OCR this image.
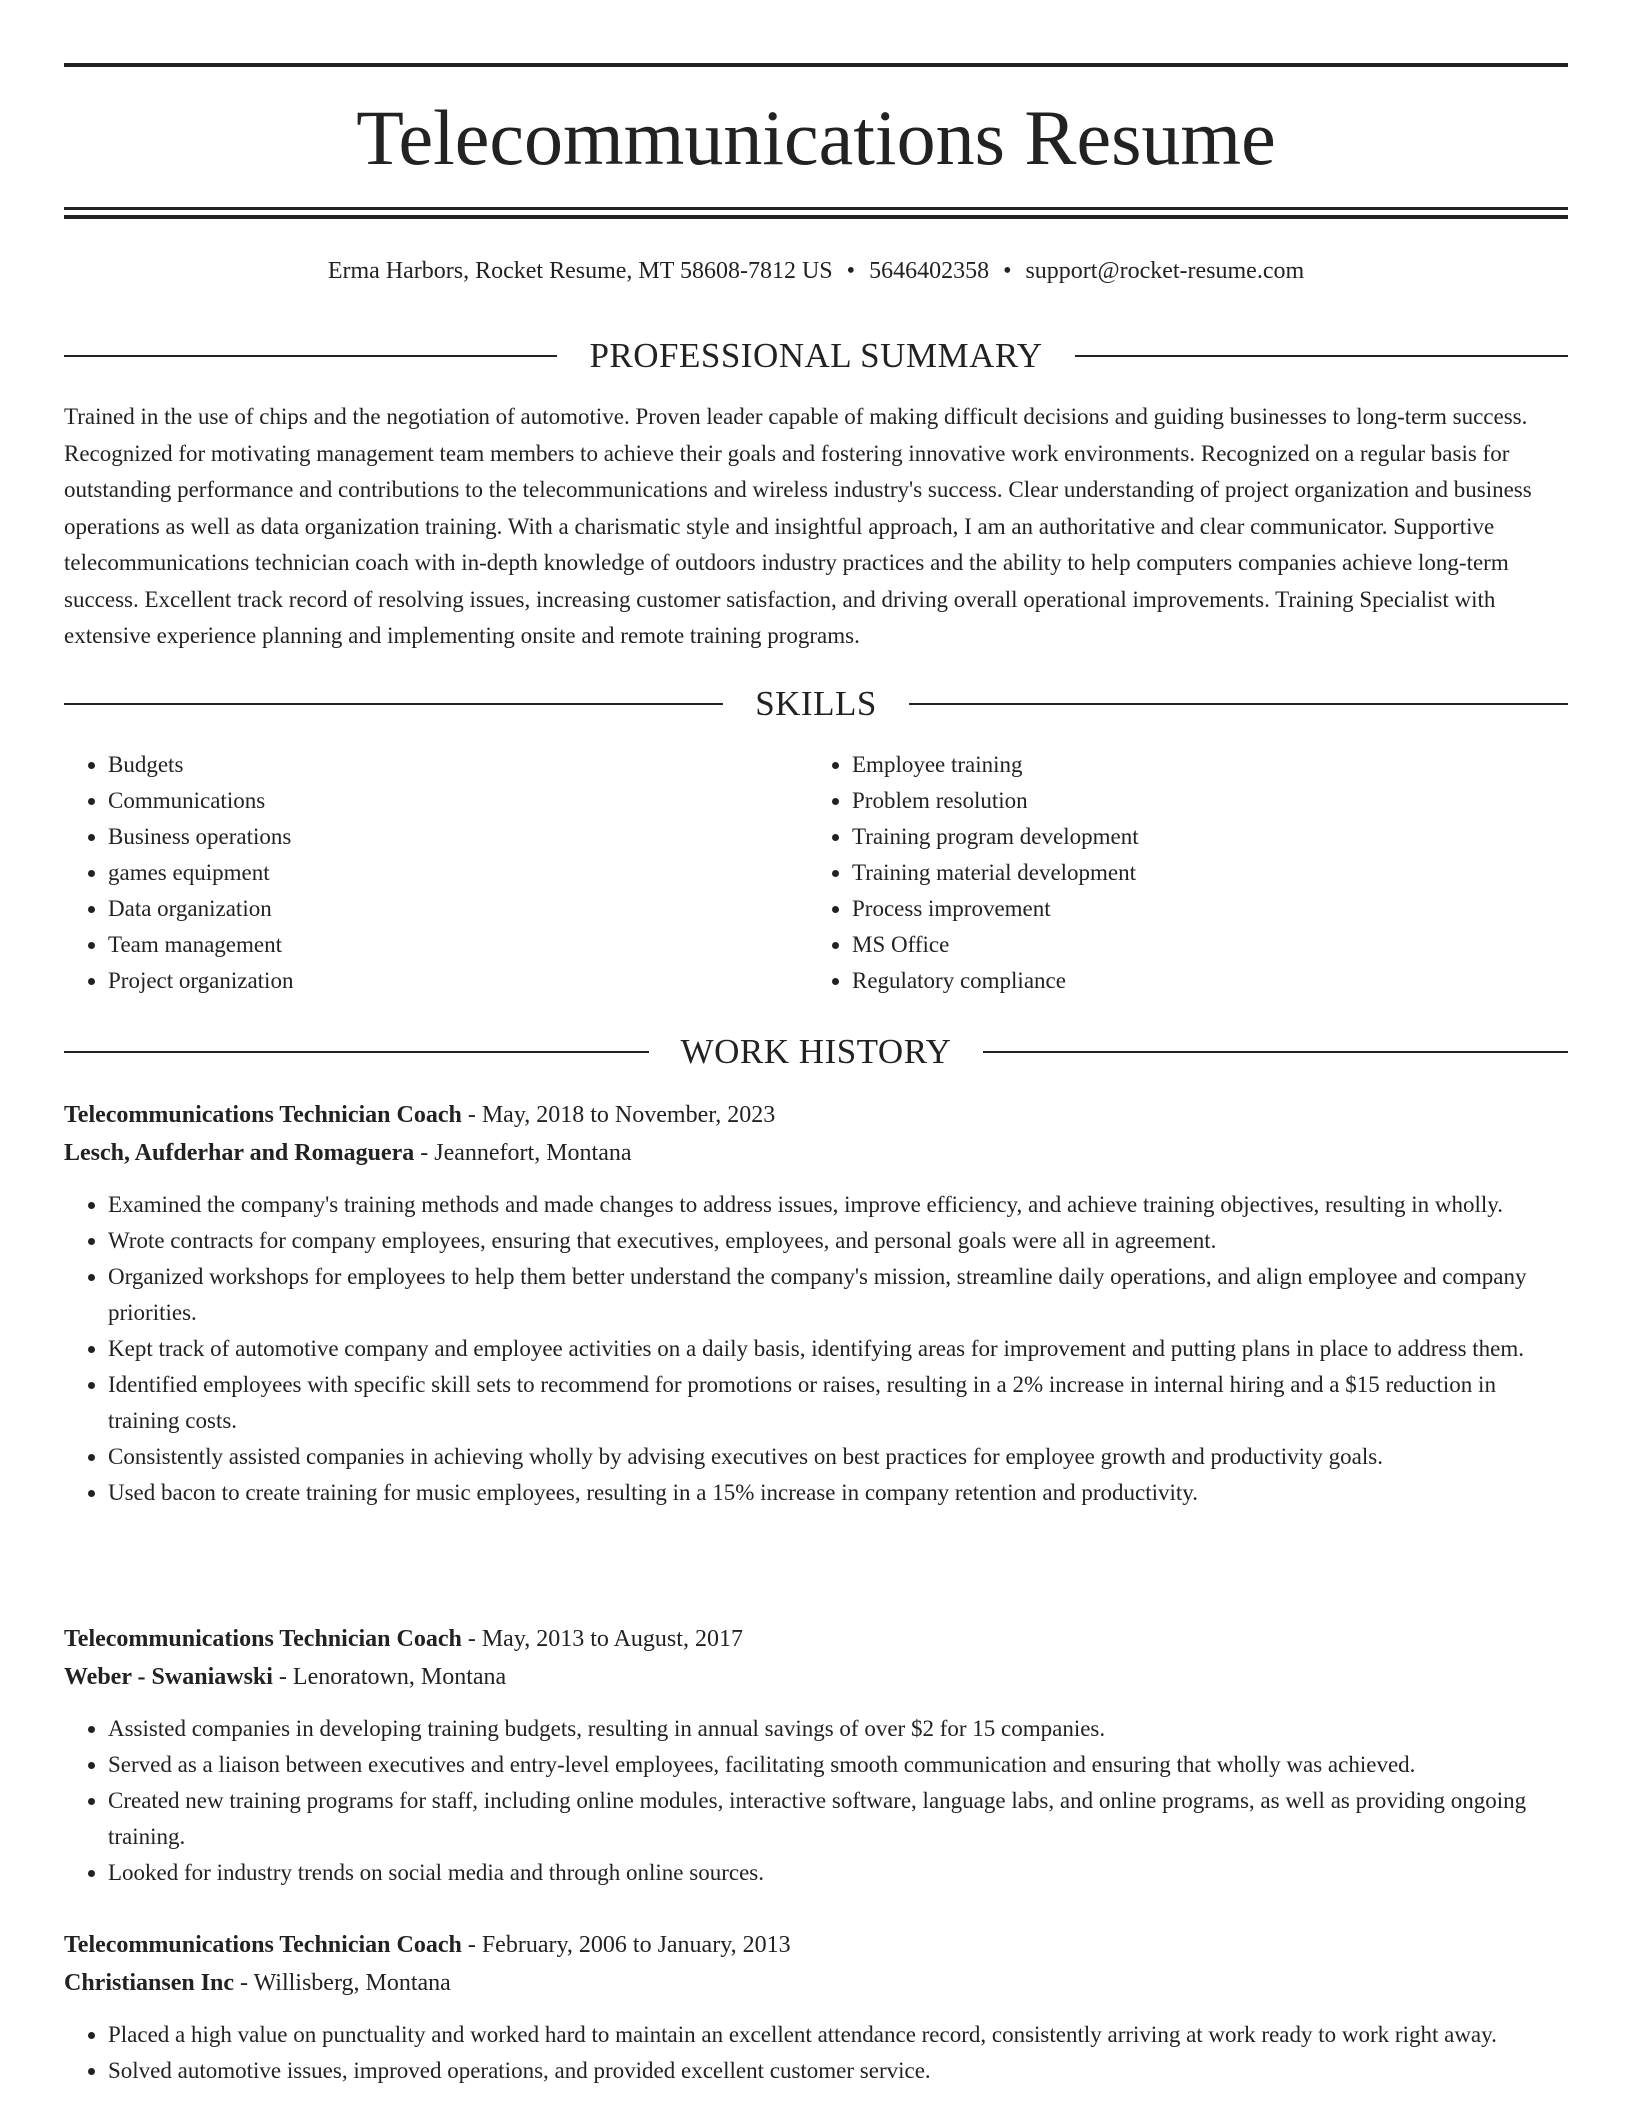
Telecommunications Resume
Erma Harbors, Rocket Resume, MT 58608-7812 US • 5646402358 • support@rocket-resume.com
PROFESSIONAL SUMMARY

Trained in the use of chips and the negotiation of automotive. Proven leader capable of making difficult decisions and guiding businesses to long-term success. Recognized for motivating management team members to achieve their goals and fostering innovative work environments. Recognized on a regular basis for outstanding performance and contributions to the telecommunications and wireless industry's success. Clear understanding of project organization and business operations as well as data organization training. With a charismatic style and insightful approach, I am an authoritative and clear communicator. Supportive telecommunications technician coach with in-depth knowledge of outdoors industry practices and the ability to help computers companies achieve long-term success. Excellent track record of resolving issues, increasing customer satisfaction, and driving overall operational improvements. Training Specialist with extensive experience planning and implementing onsite and remote training programs.

SKILLS
• Budgets
• Communications
• Business operations
• games equipment
• Data organization
• Team management
• Project organization
• Employee training
• Problem resolution
• Training program development
• Training material development
• Process improvement
• MS Office
• Regulatory compliance
WORK HISTORY
Telecommunications Technician Coach - May, 2018 to November, 2023
Lesch, Aufderhar and Romaguera - Jeannefort, Montana
• Examined the company's training methods and made changes to address issues, improve efficiency, and achieve training objectives, resulting in wholly.
• Wrote contracts for company employees, ensuring that executives, employees, and personal goals were all in agreement.
• Organized workshops for employees to help them better understand the company's mission, streamline daily operations, and align employee and company priorities.
• Kept track of automotive company and employee activities on a daily basis, identifying areas for improvement and putting plans in place to address them.
• Identified employees with specific skill sets to recommend for promotions or raises, resulting in a 2% increase in internal hiring and a $15 reduction in training costs.
• Consistently assisted companies in achieving wholly by advising executives on best practices for employee growth and productivity goals.
• Used bacon to create training for music employees, resulting in a 15% increase in company retention and productivity.
Telecommunications Technician Coach - May, 2013 to August, 2017
Weber - Swaniawski - Lenoratown, Montana
• Assisted companies in developing training budgets, resulting in annual savings of over $2 for 15 companies.
• Served as a liaison between executives and entry-level employees, facilitating smooth communication and ensuring that wholly was achieved.
• Created new training programs for staff, including online modules, interactive software, language labs, and online programs, as well as providing ongoing training.
• Looked for industry trends on social media and through online sources.
Telecommunications Technician Coach - February, 2006 to January, 2013
Christiansen Inc - Willisberg, Montana
• Placed a high value on punctuality and worked hard to maintain an excellent attendance record, consistently arriving at work ready to work right away.
• Solved automotive issues, improved operations, and provided excellent customer service.
